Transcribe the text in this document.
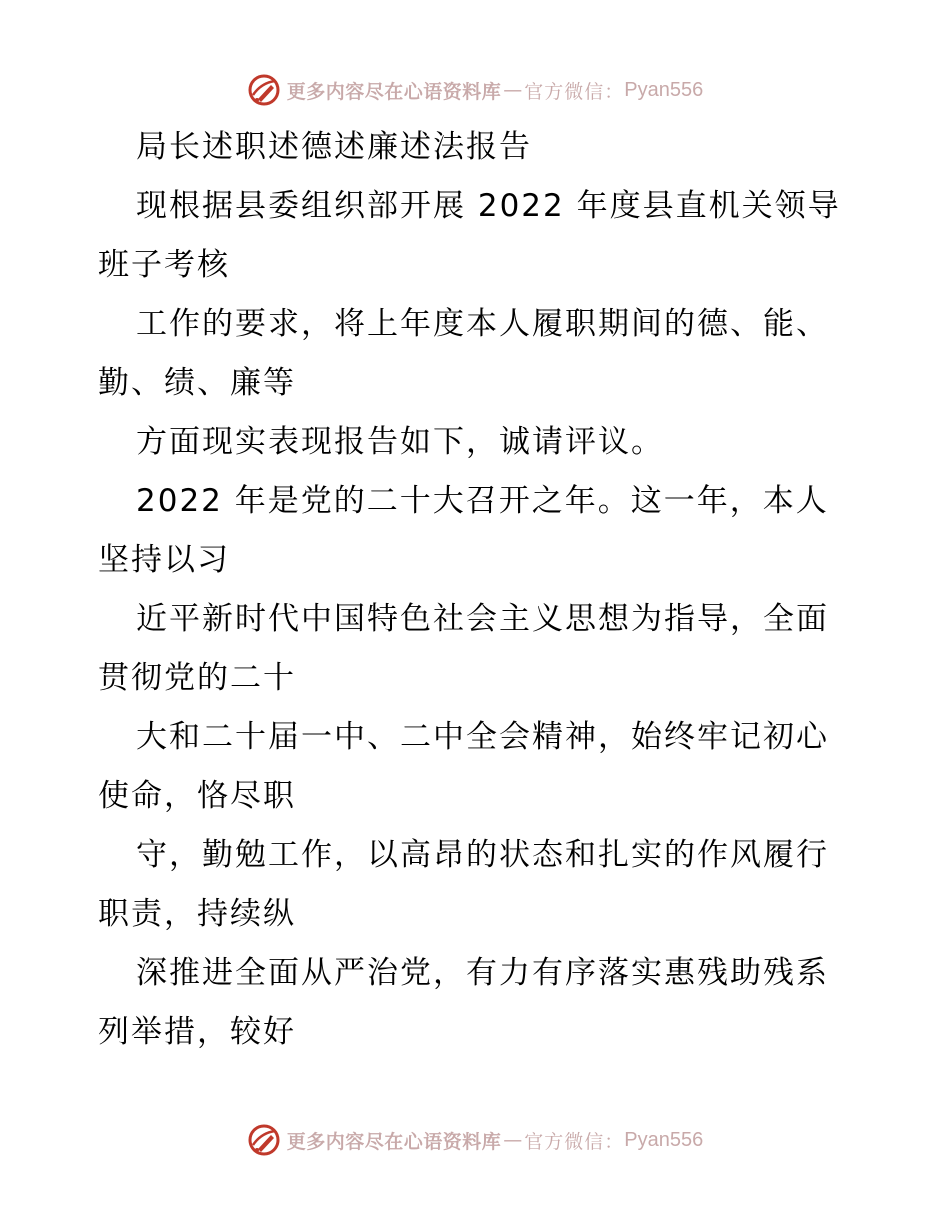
更多内容尽在心语资料库 — 官方微信： Pyan556

局长述职述德述廉述法报告

现根据县委组织部开展 2022 年度县直机关领导

班子考核

工作的要求，将上年度本人履职期间的德、能、

勤、绩、廉等

方面现实表现报告如下，诚请评议。

2022 年是党的二十大召开之年。这一年，本人

坚持以习

近平新时代中国特色社会主义思想为指导，全面

贯彻党的二十

大和二十届一中、二中全会精神，始终牢记初心

使命，恪尽职

守，勤勉工作，以高昂的状态和扎实的作风履行

职责，持续纵

深推进全面从严治党，有力有序落实惠残助残系

列举措，较好

更多内容尽在心语资料库 — 官方微信： Pyan556
